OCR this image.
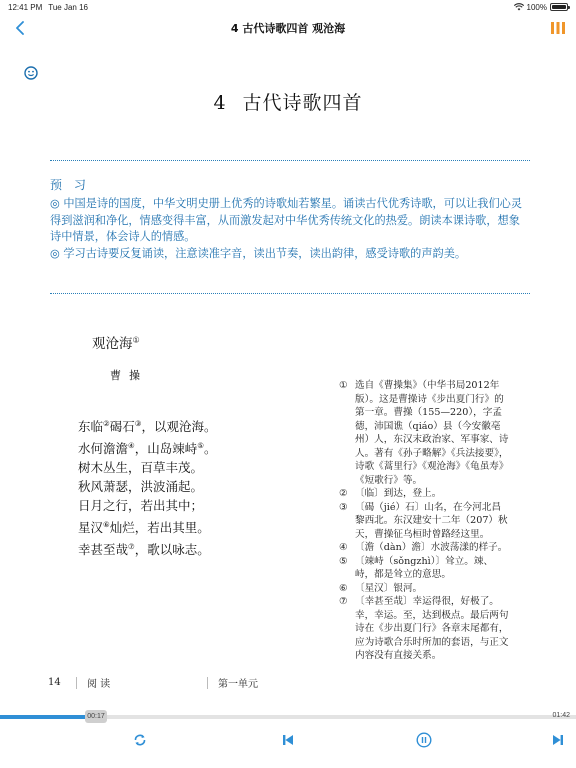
12:41 PM Tue Jan 16	100%
4 古代诗歌四首 观沧海
4 古代诗歌四首
预 习

◎ 中国是诗的国度，中华文明史册上优秀的诗歌灿若繁星。诵读古代优秀诗歌，可以让我们心灵得到滋润和净化，情感变得丰富，从而激发起对中华优秀传统文化的热爱。朗读本课诗歌，想象诗中情景，体会诗人的情感。

◎ 学习古诗要反复诵读，注意读准字音，读出节奏，读出韵律，感受诗歌的声韵美。

观沧海①
曹操
东临②碣石③，以观沧海。
水何澹澹④，山岛竦峙⑤。
树木丛生，百草丰茂。
秋风萧瑟，洪波涌起。
日月之行，若出其中；
星汉⑥灿烂，若出其里。
幸甚至哉⑦，歌以咏志。
① 选自《曹操集》（中华书局2012年版）。这是曹操诗《步出夏门行》的第一章。曹操（155—220），字孟德，沛国谯（qiáo）县（今安徽亳州）人，东汉末政治家、军事家、诗人。著有《孙子略解》《兵法接要》，诗歌《蒿里行》《观沧海》《龟虽寿》《短歌行》等。
② 〔临〕到达，登上。
③ 〔碣（jié）石〕山名，在今河北昌黎西北。东汉建安十二年（207）秋天，曹操征乌桓时曾路经这里。
④ 〔澹（dàn）澹〕水波荡漾的样子。
⑤ 〔竦峙（sǒngzhì）〕耸立。竦、峙，都是耸立的意思。
⑥ 〔星汉〕银河。
⑦ 〔幸甚至哉〕幸运得很，好极了。幸，幸运。至，达到极点。最后两句诗在《步出夏门行》各章末尾都有，应为诗歌合乐时所加的套语，与正文内容没有直接关系。
14	阅 读	第一单元
00:17	01:42
